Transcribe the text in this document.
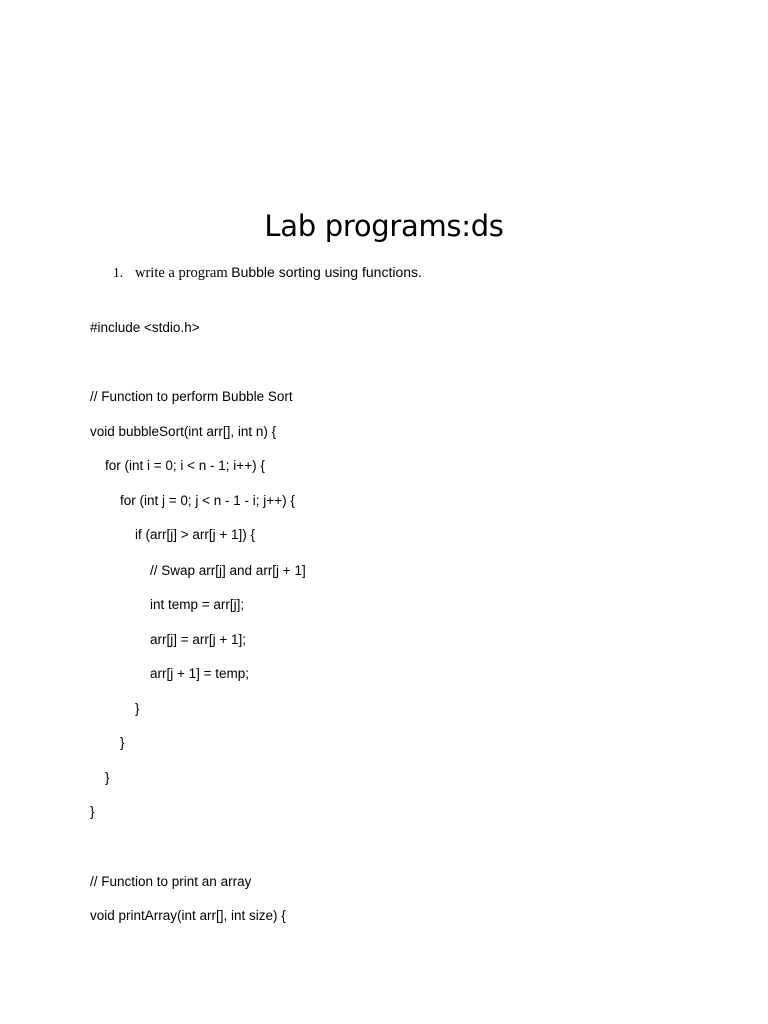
Lab programs:ds
1. write a program Bubble sorting using functions.
#include <stdio.h>
// Function to perform Bubble Sort
void bubbleSort(int arr[], int n) {
for (int i = 0; i < n - 1; i++) {
for (int j = 0; j < n - 1 - i; j++) {
if (arr[j] > arr[j + 1]) {
// Swap arr[j] and arr[j + 1]
int temp = arr[j];
arr[j] = arr[j + 1];
arr[j + 1] = temp;
}
}
}
}
// Function to print an array
void printArray(int arr[], int size) {
